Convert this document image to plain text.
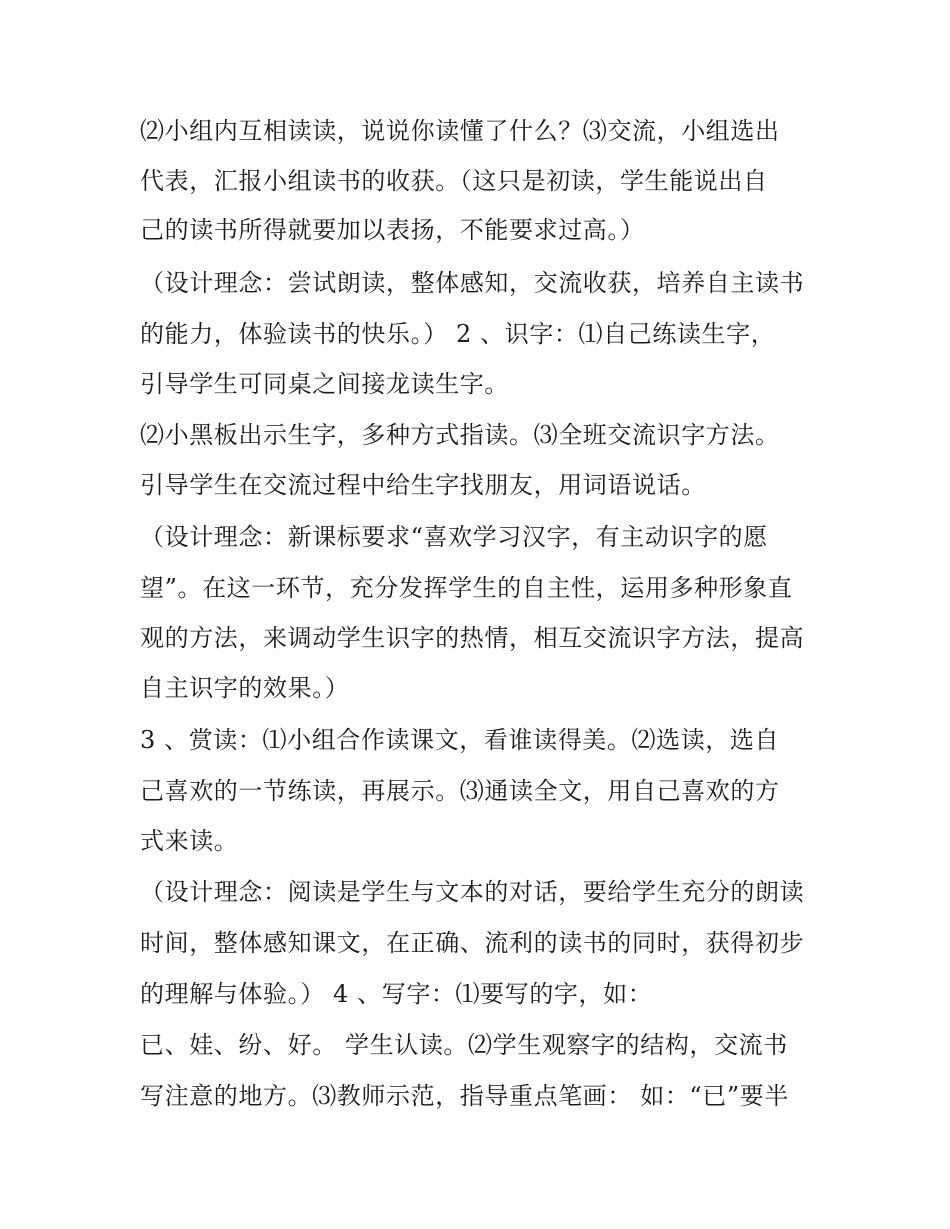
⑵小组内互相读读，说说你读懂了什么？⑶交流，小组选出

代表，汇报小组读书的收获。（这只是初读，学生能说出自

己的读书所得就要加以表扬，不能要求过高。）

（设计理念：尝试朗读，整体感知，交流收获，培养自主读书

的能力，体验读书的快乐。） 2 、识字：⑴自己练读生字，

引导学生可同桌之间接龙读生字。

⑵小黑板出示生字，多种方式指读。⑶全班交流识字方法。

引导学生在交流过程中给生字找朋友，用词语说话。

（设计理念：新课标要求“喜欢学习汉字，有主动识字的愿

望”。在这一环节，充分发挥学生的自主性，运用多种形象直

观的方法，来调动学生识字的热情，相互交流识字方法，提高

自主识字的效果。）

3 、赏读：⑴小组合作读课文，看谁读得美。⑵选读，选自

己喜欢的一节练读，再展示。⑶通读全文，用自己喜欢的方

式来读。

（设计理念：阅读是学生与文本的对话，要给学生充分的朗读

时间，整体感知课文，在正确、流利的读书的同时，获得初步

的理解与体验。） 4 、写字：⑴要写的字，如：

已、娃、纷、好。 学生认读。⑵学生观察字的结构，交流书

写注意的地方。⑶教师示范，指导重点笔画： 如：“已”要半
